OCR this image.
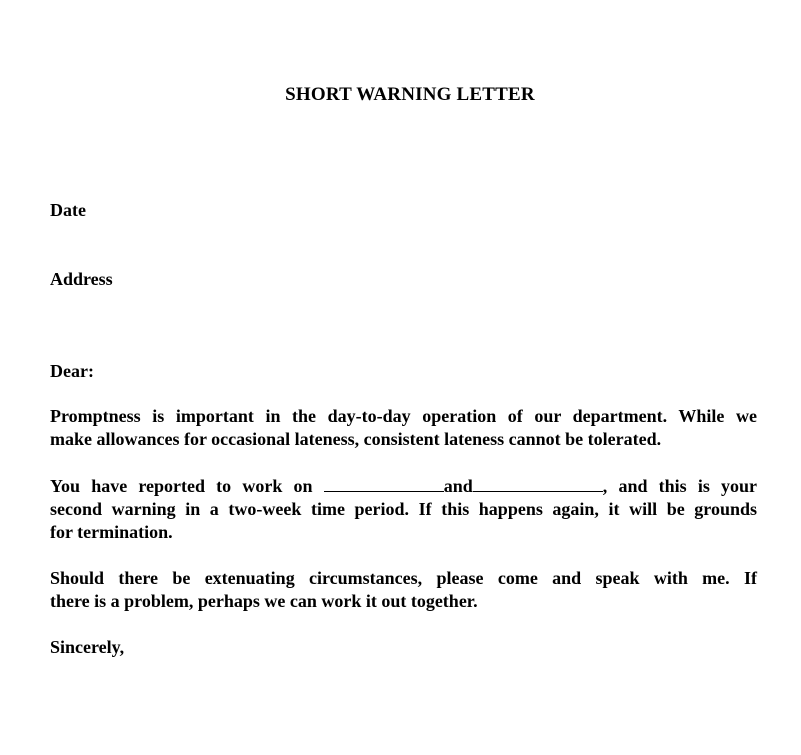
SHORT WARNING LETTER
Date
Address
Dear:
Promptness is important in the day-to-day operation of our department. While we
make allowances for occasional lateness, consistent lateness cannot be tolerated.
You have reported to work on	and	, and this is your
second warning in a two-week time period. If this happens again, it will be grounds
for termination.
Should there be extenuating circumstances, please come and speak with me. If
there is a problem, perhaps we can work it out together.
Sincerely,
